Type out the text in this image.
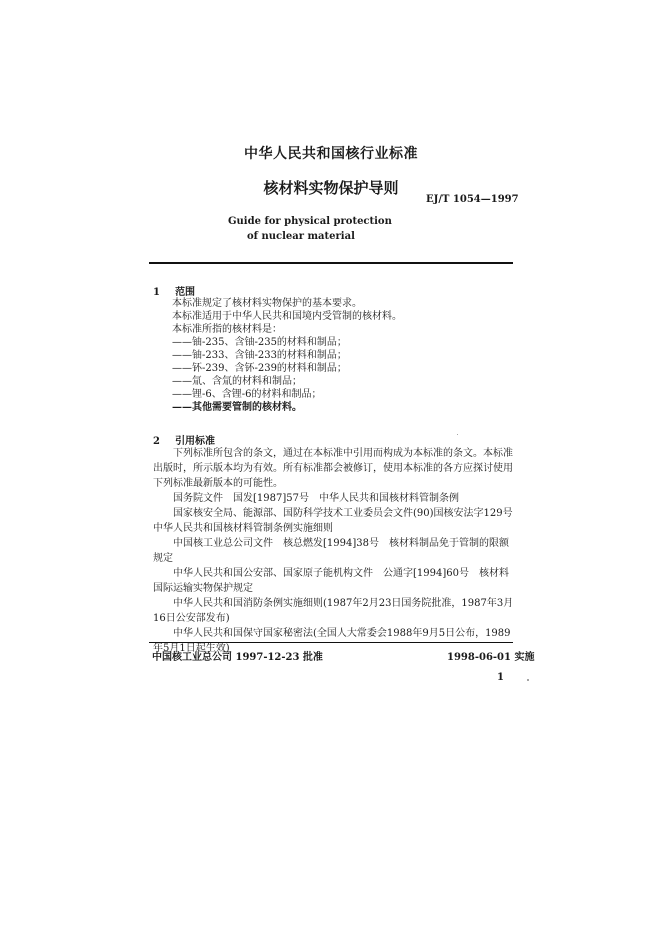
中华人民共和国核行业标准
核材料实物保护导则
EJ/T 1054—1997
Guide for physical protection
of nuclear material
1 范围
本标准规定了核材料实物保护的基本要求。
本标准适用于中华人民共和国境内受管制的核材料。
本标准所指的核材料是：
——铀-235、含铀-235的材料和制品；
——铀-233、含铀-233的材料和制品；
——钚-239、含钚-239的材料和制品；
——氚、含氚的材料和制品；
——锂-6、含锂-6的材料和制品；
——其他需要管制的核材料。
2 引用标准

下列标准所包含的条文，通过在本标准中引用而构成为本标准的条文。本标准出版时，所示版本均为有效。所有标准都会被修订，使用本标准的各方应探讨使用下列标准最新版本的可能性。

国务院文件　国发[1987]57号　中华人民共和国核材料管制条例

国家核安全局、能源部、国防科学技术工业委员会文件(90)国核安法字129号　中华人民共和国核材料管制条例实施细则

中国核工业总公司文件　核总燃发[1994]38号　核材料制品免于管制的限额规定

中华人民共和国公安部、国家原子能机构文件　公通字[1994]60号　核材料国际运输实物保护规定

中华人民共和国消防条例实施细则(1987年2月23日国务院批准，1987年3月16日公安部发布)

中华人民共和国保守国家秘密法(全国人大常委会1988年9月5日公布，1989年5月1日起生效)

中国核工业总公司 1997-12-23 批准	1998-06-01 实施
1
